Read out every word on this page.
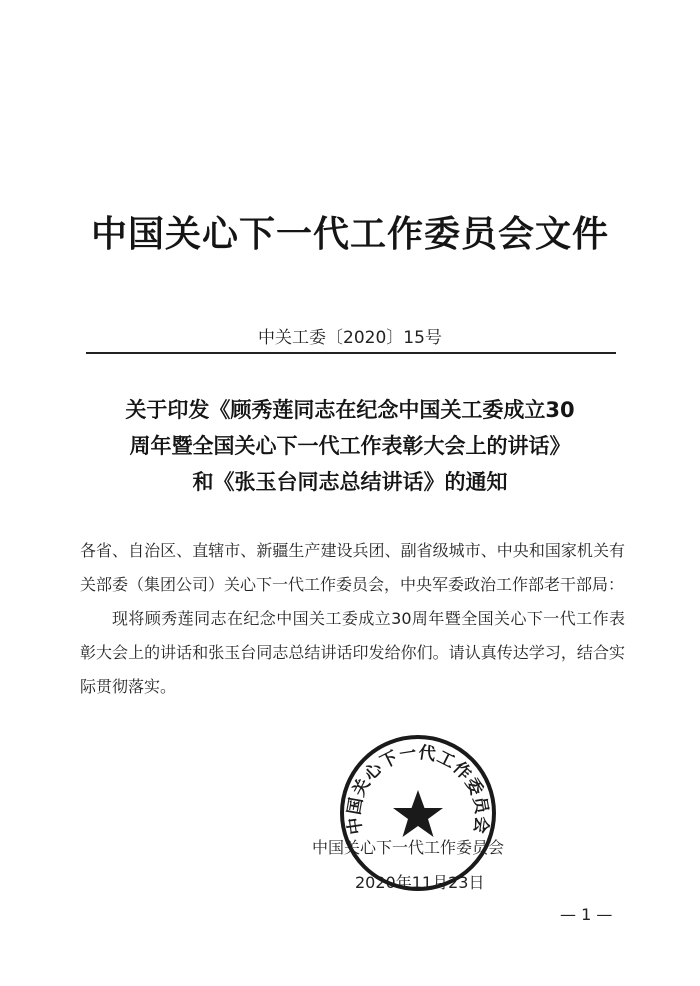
中国关心下一代工作委员会文件
中关工委〔2020〕15号
关于印发《顾秀莲同志在纪念中国关工委成立30
周年暨全国关心下一代工作表彰大会上的讲话》
和《张玉台同志总结讲话》的通知

各省、自治区、直辖市、新疆生产建设兵团、副省级城市、中央和国家机关有关部委（集团公司）关心下一代工作委员会，中央军委政治工作部老干部局：

现将顾秀莲同志在纪念中国关工委成立30周年暨全国关心下一代工作表彰大会上的讲话和张玉台同志总结讲话印发给你们。请认真传达学习，结合实际贯彻落实。

中国关心下一代工作委员会
2020年11月23日
中国关心下一代工作委员会
— 1 —
